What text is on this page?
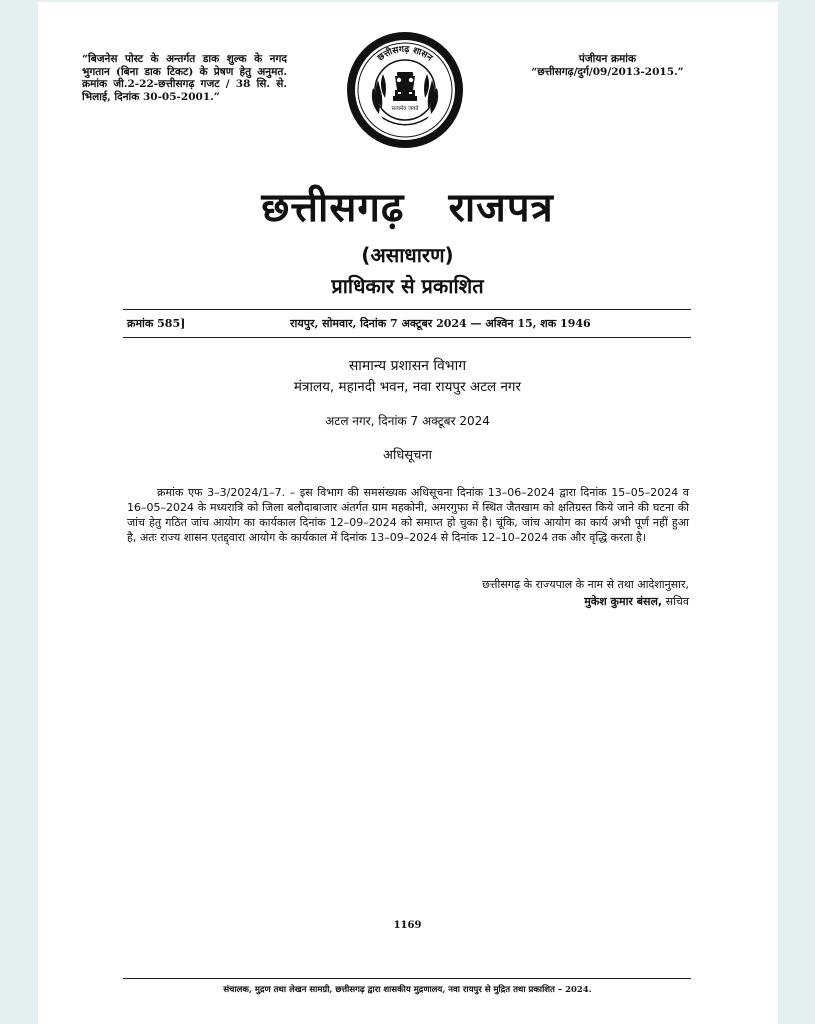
“बिजनेस पोस्ट के अन्तर्गत डाक शुल्क के नगद भुगतान (बिना डाक टिकट) के प्रेषण हेतु अनुमत. क्रमांक जी.2-22-छत्तीसगढ़ गजट / 38 सि. से. भिलाई, दिनांक 30-05-2001.”
पंजीयन क्रमांक
“छत्तीसगढ़/दुर्ग/09/2013-2015.”
छत्तीसगढ़ शासन
सत्यमेव जयते
छत्तीसगढ़ राजपत्र
(असाधारण)
प्राधिकार से प्रकाशित
क्रमांक 585]	रायपुर, सोमवार, दिनांक 7 अक्टूबर 2024 — अश्विन 15, शक 1946
सामान्य प्रशासन विभाग
मंत्रालय, महानदी भवन, नवा रायपुर अटल नगर
अटल नगर, दिनांक 7 अक्टूबर 2024
अधिसूचना
क्रमांक एफ 3–3/2024/1–7. – इस विभाग की समसंख्यक अधिसूचना दिनांक 13–06–2024 द्वारा दिनांक 15–05–2024 व 16–05–2024 के मध्यरात्रि को जिला बलौदाबाजार अंतर्गत ग्राम महकोनी, अमरगुफा में स्थित जैतखाम को क्षतिग्रस्त किये जाने की घटना की जांच हेतु गठित जांच आयोग का कार्यकाल दिनांक 12–09–2024 को समाप्त हो चुका है। चूंकि, जांच आयोग का कार्य अभी पूर्ण नहीं हुआ है, अतः राज्य शासन एतद्द्वारा आयोग के कार्यकाल में दिनांक 13–09–2024 से दिनांक 12–10–2024 तक और वृद्धि करता है।
छत्तीसगढ़ के राज्यपाल के नाम से तथा आदेशानुसार,
मुकेश कुमार बंसल, सचिव
1169
संचालक, मुद्रण तथा लेखन सामग्री, छत्तीसगढ़ द्वारा शासकीय मुद्रणालय, नवा रायपुर से मुद्रित तथा प्रकाशित – 2024.
